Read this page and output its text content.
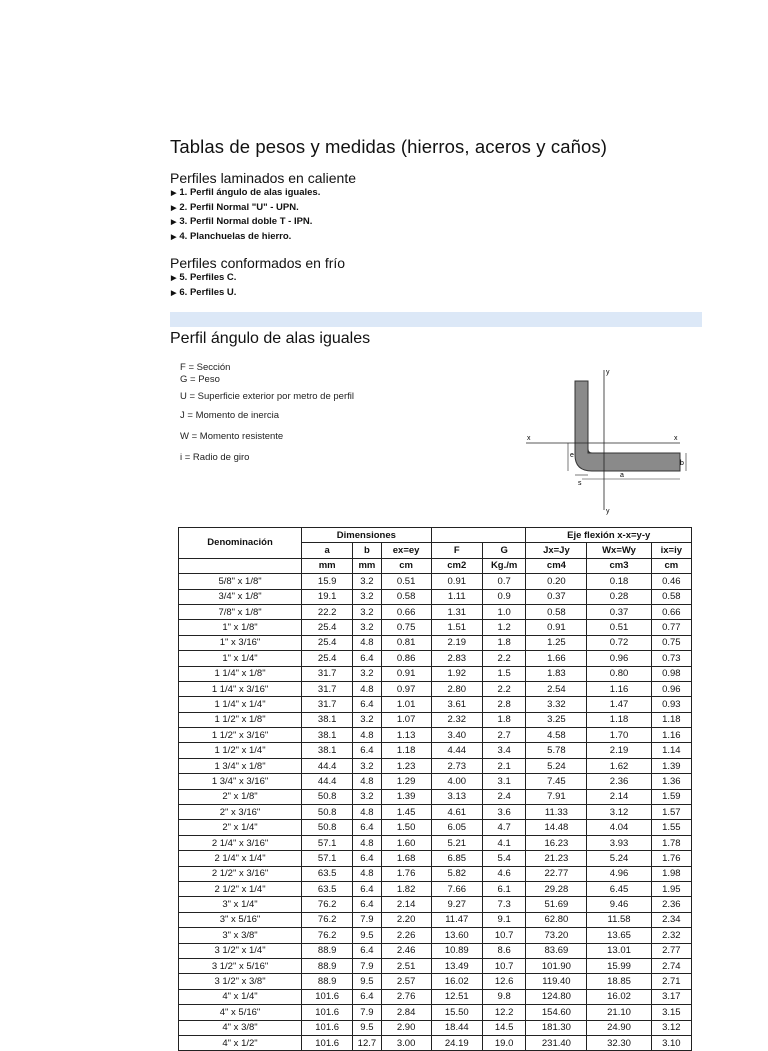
Tablas de pesos y medidas (hierros, aceros y caños)
Perfiles laminados en caliente
▶ 1. Perfil ángulo de alas iguales.
▶ 2. Perfil Normal "U" - UPN.
▶ 3. Perfil Normal doble T - IPN.
▶ 4. Planchuelas de hierro.
Perfiles conformados en frío
▶ 5. Perfiles C.
▶ 6. Perfiles U.
Perfil ángulo de alas iguales
F = Sección
G = Peso
U = Superficie exterior por metro de perfil
J = Momento de inercia
W = Momento resistente
i = Radio de giro
y
x	x
y
e
a
b
s
Denominación	Dimensiones					Eje flexión x-x=y-y		
	a	b	ex=ey	F	G	Jx=Jy	Wx=Wy	ix=iy
	mm	mm	cm	cm2	Kg./m	cm4	cm3	cm
5/8" x 1/8"	15.9	3.2	0.51	0.91	0.7	0.20	0.18	0.46
3/4" x 1/8"	19.1	3.2	0.58	1.11	0.9	0.37	0.28	0.58
7/8" x 1/8"	22.2	3.2	0.66	1.31	1.0	0.58	0.37	0.66
1" x 1/8"	25.4	3.2	0.75	1.51	1.2	0.91	0.51	0.77
1" x 3/16"	25.4	4.8	0.81	2.19	1.8	1.25	0.72	0.75
1" x 1/4"	25.4	6.4	0.86	2.83	2.2	1.66	0.96	0.73
1 1/4" x 1/8"	31.7	3.2	0.91	1.92	1.5	1.83	0.80	0.98
1 1/4" x 3/16"	31.7	4.8	0.97	2.80	2.2	2.54	1.16	0.96
1 1/4" x 1/4"	31.7	6.4	1.01	3.61	2.8	3.32	1.47	0.93
1 1/2" x 1/8"	38.1	3.2	1.07	2.32	1.8	3.25	1.18	1.18
1 1/2" x 3/16"	38.1	4.8	1.13	3.40	2.7	4.58	1.70	1.16
1 1/2" x 1/4"	38.1	6.4	1.18	4.44	3.4	5.78	2.19	1.14
1 3/4" x 1/8"	44.4	3.2	1.23	2.73	2.1	5.24	1.62	1.39
1 3/4" x 3/16"	44.4	4.8	1.29	4.00	3.1	7.45	2.36	1.36
2" x 1/8"	50.8	3.2	1.39	3.13	2.4	7.91	2.14	1.59
2" x 3/16"	50.8	4.8	1.45	4.61	3.6	11.33	3.12	1.57
2" x 1/4"	50.8	6.4	1.50	6.05	4.7	14.48	4.04	1.55
2 1/4" x 3/16"	57.1	4.8	1.60	5.21	4.1	16.23	3.93	1.78
2 1/4" x 1/4"	57.1	6.4	1.68	6.85	5.4	21.23	5.24	1.76
2 1/2" x 3/16"	63.5	4.8	1.76	5.82	4.6	22.77	4.96	1.98
2 1/2" x 1/4"	63.5	6.4	1.82	7.66	6.1	29.28	6.45	1.95
3" x 1/4"	76.2	6.4	2.14	9.27	7.3	51.69	9.46	2.36
3" x 5/16"	76.2	7.9	2.20	11.47	9.1	62.80	11.58	2.34
3" x 3/8"	76.2	9.5	2.26	13.60	10.7	73.20	13.65	2.32
3 1/2" x 1/4"	88.9	6.4	2.46	10.89	8.6	83.69	13.01	2.77
3 1/2" x 5/16"	88.9	7.9	2.51	13.49	10.7	101.90	15.99	2.74
3 1/2" x 3/8"	88.9	9.5	2.57	16.02	12.6	119.40	18.85	2.71
4" x 1/4"	101.6	6.4	2.76	12.51	9.8	124.80	16.02	3.17
4" x 5/16"	101.6	7.9	2.84	15.50	12.2	154.60	21.10	3.15
4" x 3/8"	101.6	9.5	2.90	18.44	14.5	181.30	24.90	3.12
4" x 1/2"	101.6	12.7	3.00	24.19	19.0	231.40	32.30	3.10
